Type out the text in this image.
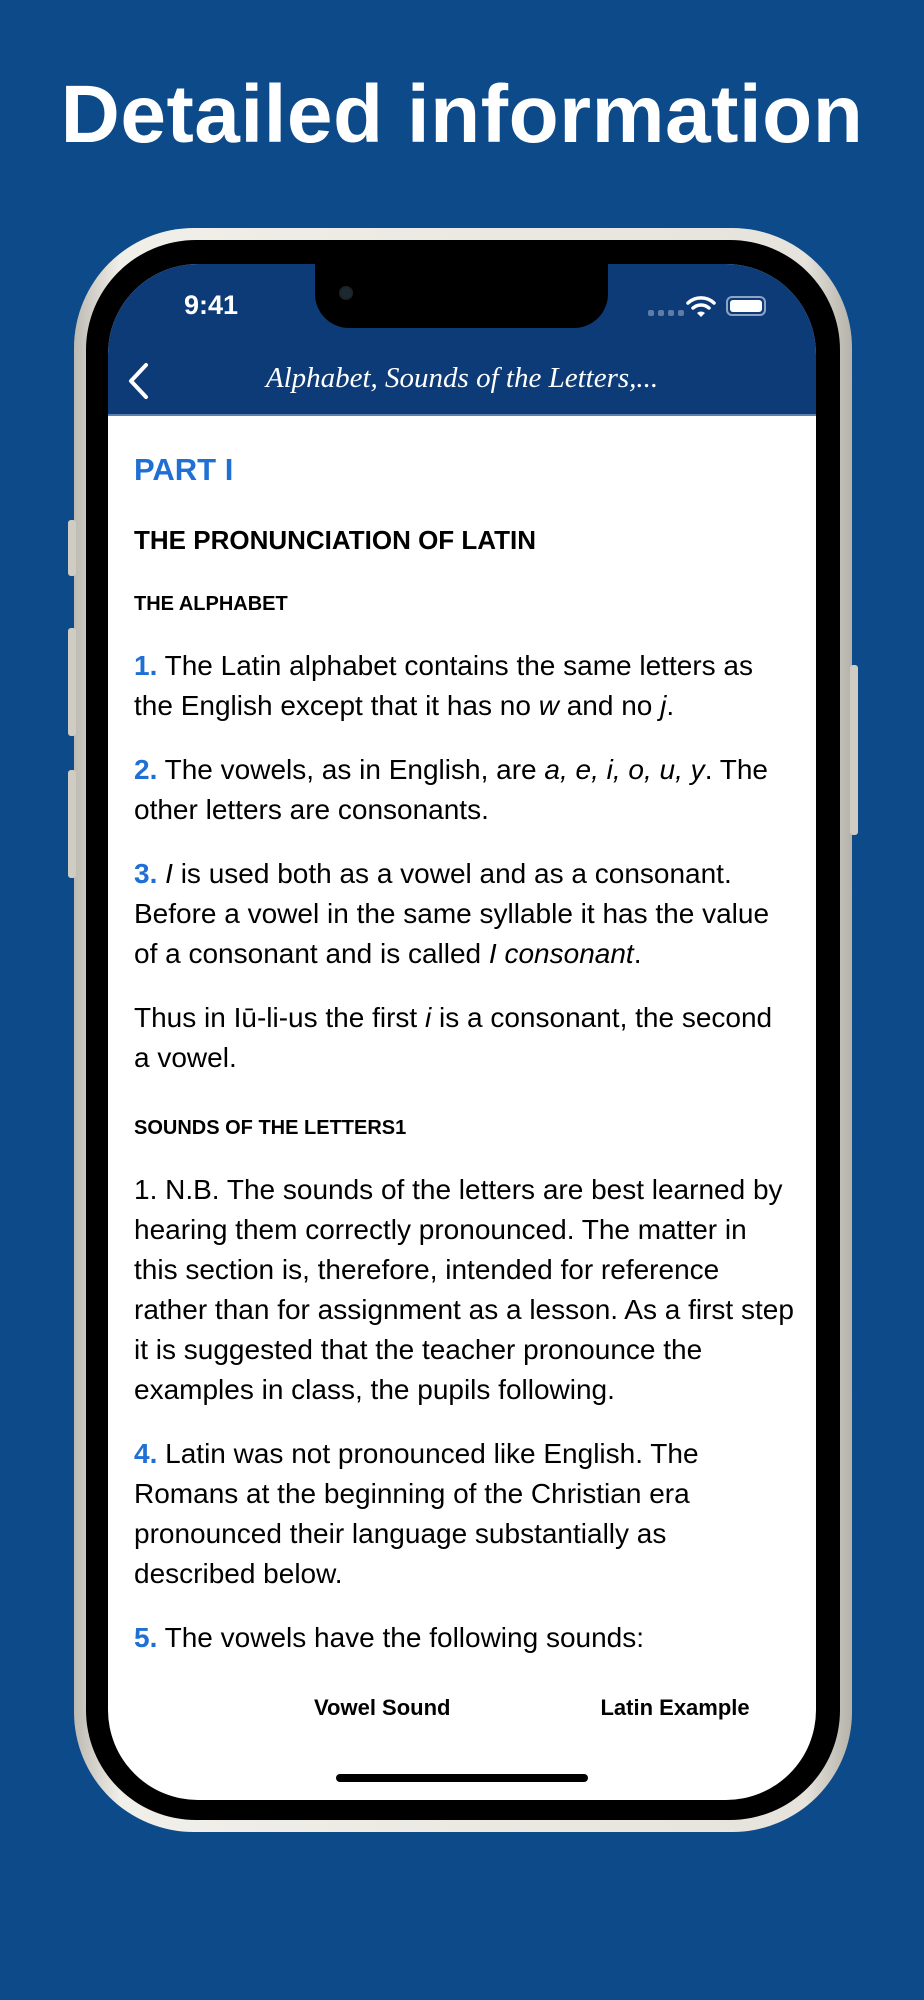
Detailed information
9:41
Alphabet, Sounds of the Letters,...
PART I
THE PRONUNCIATION OF LATIN
THE ALPHABET

1. The Latin alphabet contains the same letters as the English except that it has no w and no j.

2. The vowels, as in English, are a, e, i, o, u, y. The other letters are consonants.

3. I is used both as a vowel and as a consonant. Before a vowel in the same syllable it has the value of a consonant and is called I consonant.

Thus in Iū-li-us the first i is a consonant, the second a vowel.

SOUNDS OF THE LETTERS1

1. N.B. The sounds of the letters are best learned by hearing them correctly pronounced. The matter in this section is, therefore, intended for reference rather than for assignment as a lesson. As a first step it is suggested that the teacher pronounce the examples in class, the pupils following.

4. Latin was not pronounced like English. The Romans at the beginning of the Christian era pronounced their language substantially as described below.

5. The vowels have the following sounds:

Vowel Sound	Latin Example
